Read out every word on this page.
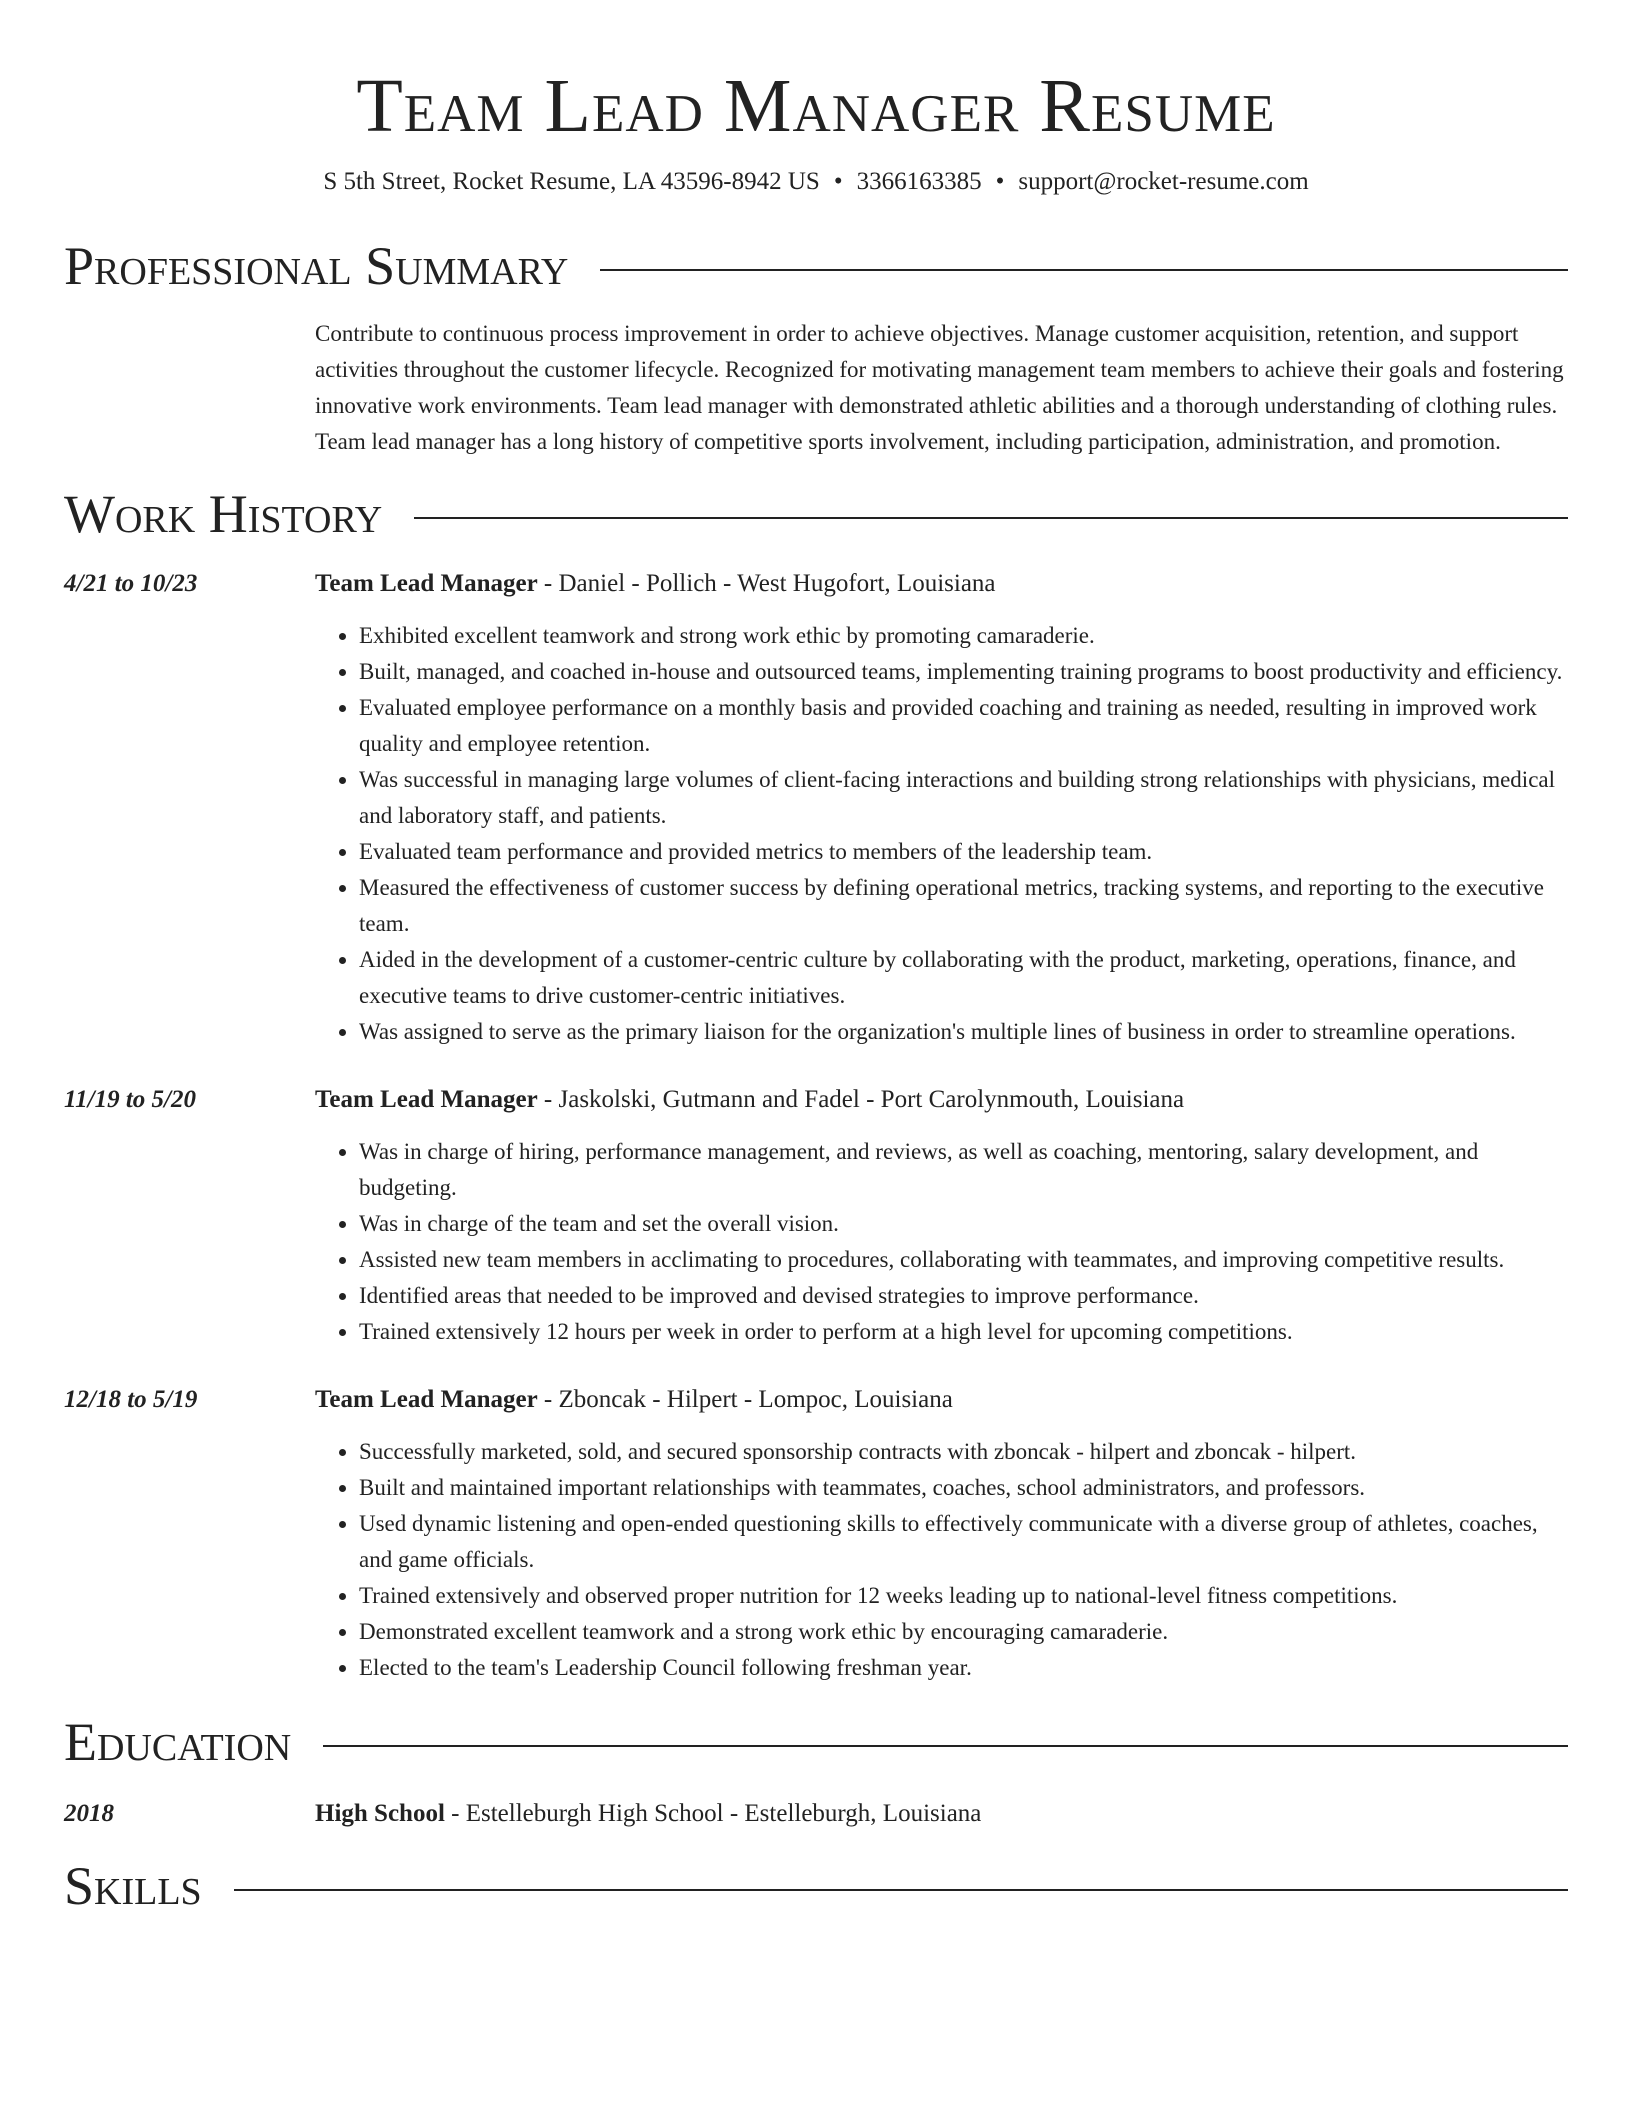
Team Lead Manager Resume
S 5th Street, Rocket Resume, LA 43596-8942 US • 3366163385 • support@rocket-resume.com
Professional Summary
Contribute to continuous process improvement in order to achieve objectives. Manage customer acquisition, retention, and support activities throughout the customer lifecycle. Recognized for motivating management team members to achieve their goals and fostering innovative work environments. Team lead manager with demonstrated athletic abilities and a thorough understanding of clothing rules. Team lead manager has a long history of competitive sports involvement, including participation, administration, and promotion.
Work History
4/21 to 10/23	Team Lead Manager - Daniel - Pollich - West Hugofort, Louisiana
• Exhibited excellent teamwork and strong work ethic by promoting camaraderie.
• Built, managed, and coached in-house and outsourced teams, implementing training programs to boost productivity and efficiency.
• Evaluated employee performance on a monthly basis and provided coaching and training as needed, resulting in improved work quality and employee retention.
• Was successful in managing large volumes of client-facing interactions and building strong relationships with physicians, medical and laboratory staff, and patients.
• Evaluated team performance and provided metrics to members of the leadership team.
• Measured the effectiveness of customer success by defining operational metrics, tracking systems, and reporting to the executive team.
• Aided in the development of a customer-centric culture by collaborating with the product, marketing, operations, finance, and executive teams to drive customer-centric initiatives.
• Was assigned to serve as the primary liaison for the organization's multiple lines of business in order to streamline operations.
11/19 to 5/20	Team Lead Manager - Jaskolski, Gutmann and Fadel - Port Carolynmouth, Louisiana
• Was in charge of hiring, performance management, and reviews, as well as coaching, mentoring, salary development, and budgeting.
• Was in charge of the team and set the overall vision.
• Assisted new team members in acclimating to procedures, collaborating with teammates, and improving competitive results.
• Identified areas that needed to be improved and devised strategies to improve performance.
• Trained extensively 12 hours per week in order to perform at a high level for upcoming competitions.
12/18 to 5/19	Team Lead Manager - Zboncak - Hilpert - Lompoc, Louisiana
• Successfully marketed, sold, and secured sponsorship contracts with zboncak - hilpert and zboncak - hilpert.
• Built and maintained important relationships with teammates, coaches, school administrators, and professors.
• Used dynamic listening and open-ended questioning skills to effectively communicate with a diverse group of athletes, coaches, and game officials.
• Trained extensively and observed proper nutrition for 12 weeks leading up to national-level fitness competitions.
• Demonstrated excellent teamwork and a strong work ethic by encouraging camaraderie.
• Elected to the team's Leadership Council following freshman year.
Education
2018	High School - Estelleburgh High School - Estelleburgh, Louisiana
Skills
